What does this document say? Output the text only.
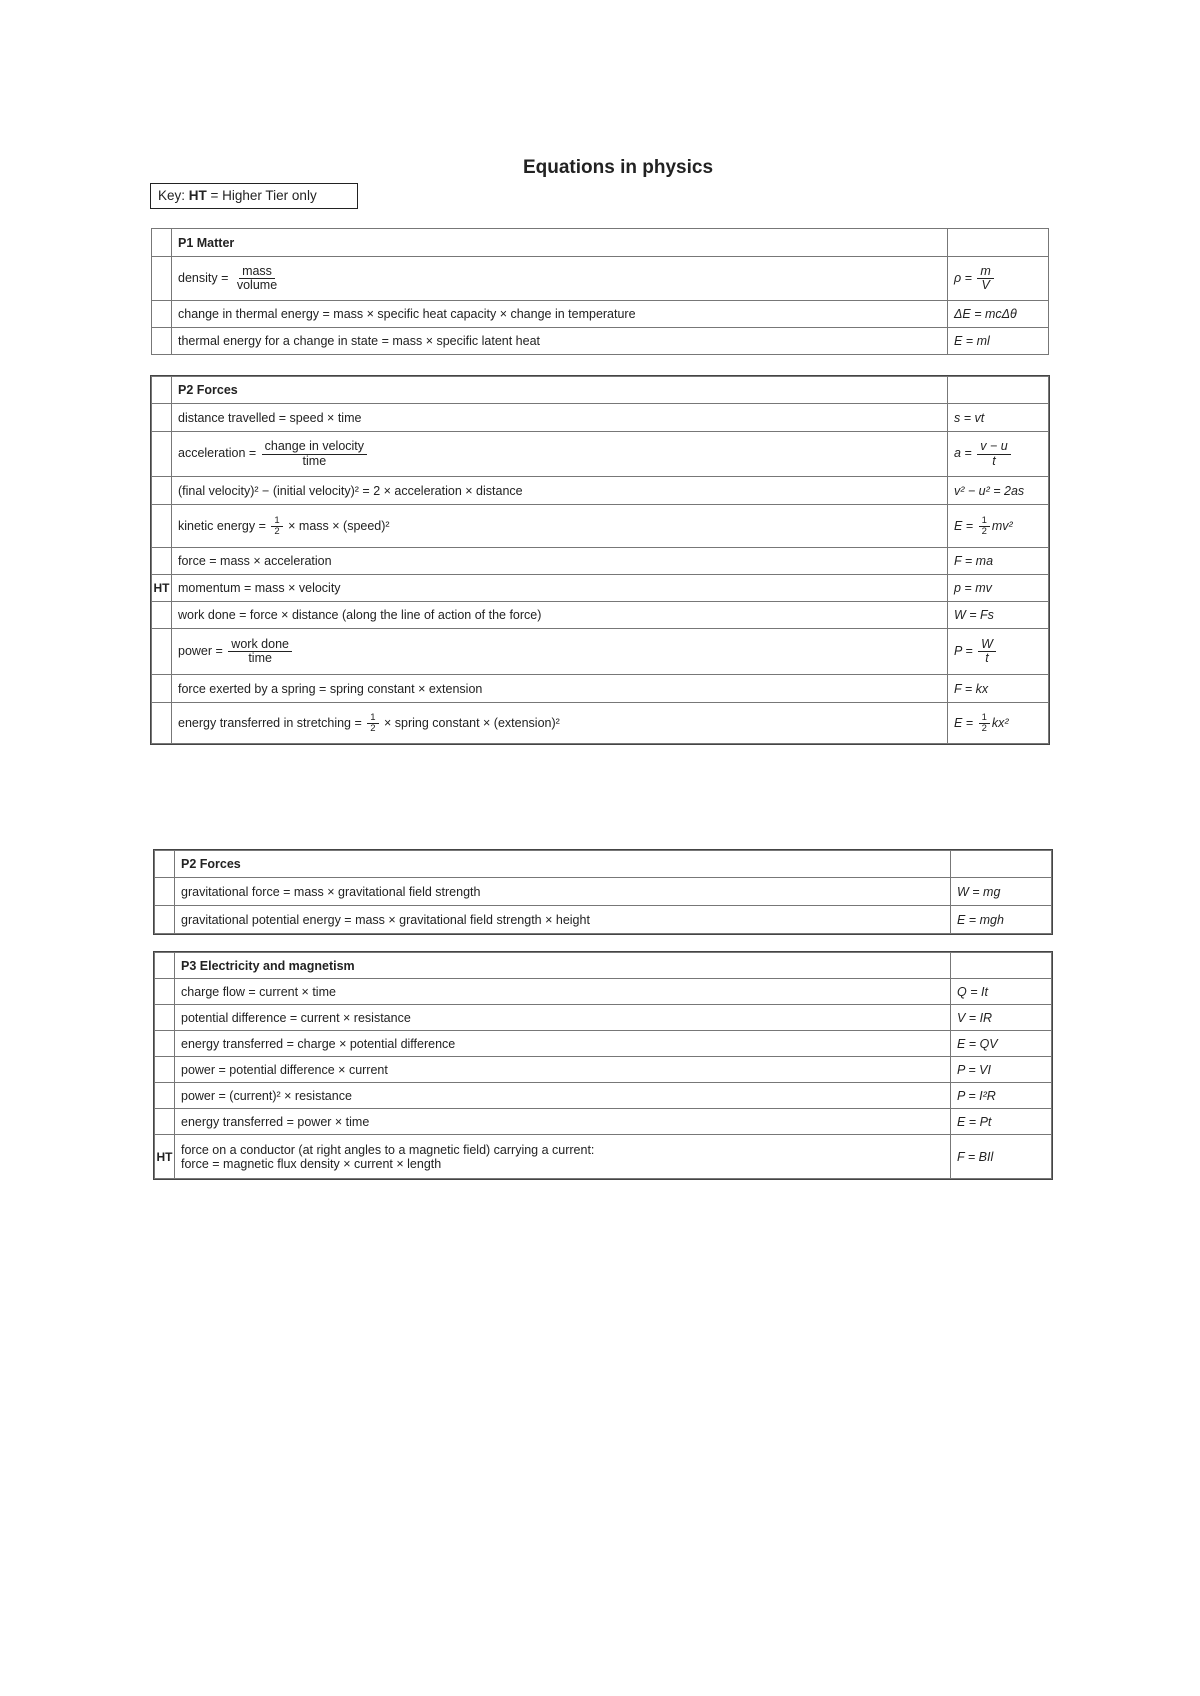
Equations in physics
Key: HT = Higher Tier only
	P1 Matter	
	density = $\frac{\text{mass}}{\text{volume}}$	$\rho = \frac{m}{V}$

	change in thermal energy = mass × specific heat capacity × change in temperature	ΔE = mcΔθ
	thermal energy for a change in state = mass × specific latent heat	E = ml
	P2 Forces	
	distance travelled = speed × time	s = vt
	acceleration = $\frac{\text{change in velocity}}{\text{time}}$	$a = \frac{v - u}{t}$

	(final velocity)² − (initial velocity)² = 2 × acceleration × distance	v² − u² = 2as
	kinetic energy = $\frac{1}{2}$ × mass × (speed)²	$E = \frac{1}{2} mv^2$
	force = mass × acceleration	F = ma
HT	momentum = mass × velocity	p = mv
	work done = force × distance (along the line of action of the force)	W = Fs
	power = $\frac{\text{work done}}{\text{time}}$	$P = \frac{W}{t}$

	force exerted by a spring = spring constant × extension	F = kx
	energy transferred in stretching = $\frac{1}{2}$ × spring constant × (extension)²	$E = \frac{1}{2} kx^2$
	P2 Forces	
	gravitational force = mass × gravitational field strength	W = mg
	gravitational potential energy = mass × gravitational field strength × height	E = mgh
	P3 Electricity and magnetism	
	charge flow = current × time	Q = It
	potential difference = current × resistance	V = IR
	energy transferred = charge × potential difference	E = QV
	power = potential difference × current	P = VI
	power = (current)² × resistance	P = I²R
	energy transferred = power × time	E = Pt
HT	force on a conductor (at right angles to a magnetic field) carrying a current:
force = magnetic flux density × current × length	F = BIl
